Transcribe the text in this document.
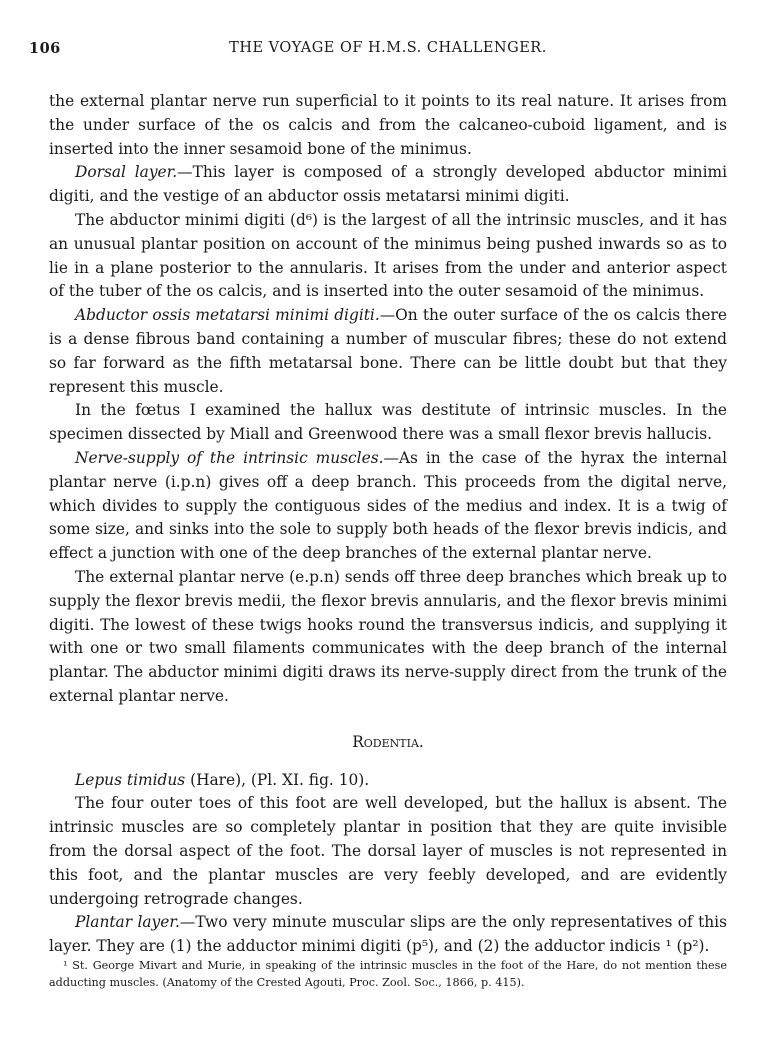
106	THE VOYAGE OF H.M.S. CHALLENGER.

the external plantar nerve run superficial to it points to its real nature. It arises from the under surface of the os calcis and from the calcaneo-cuboid ligament, and is inserted into the inner sesamoid bone of the minimus.

Dorsal layer.—This layer is composed of a strongly developed abductor minimi digiti, and the vestige of an abductor ossis metatarsi minimi digiti.

The abductor minimi digiti (d⁶) is the largest of all the intrinsic muscles, and it has an unusual plantar position on account of the minimus being pushed inwards so as to lie in a plane posterior to the annularis. It arises from the under and anterior aspect of the tuber of the os calcis, and is inserted into the outer sesamoid of the minimus.

Abductor ossis metatarsi minimi digiti.—On the outer surface of the os calcis there is a dense fibrous band containing a number of muscular fibres; these do not extend so far forward as the fifth metatarsal bone. There can be little doubt but that they represent this muscle.

In the fœtus I examined the hallux was destitute of intrinsic muscles. In the specimen dissected by Miall and Greenwood there was a small flexor brevis hallucis.

Nerve-supply of the intrinsic muscles.—As in the case of the hyrax the internal plantar nerve (i.p.n) gives off a deep branch. This proceeds from the digital nerve, which divides to supply the contiguous sides of the medius and index. It is a twig of some size, and sinks into the sole to supply both heads of the flexor brevis indicis, and effect a junction with one of the deep branches of the external plantar nerve.

The external plantar nerve (e.p.n) sends off three deep branches which break up to supply the flexor brevis medii, the flexor brevis annularis, and the flexor brevis minimi digiti. The lowest of these twigs hooks round the transversus indicis, and supplying it with one or two small filaments communicates with the deep branch of the internal plantar. The abductor minimi digiti draws its nerve-supply direct from the trunk of the external plantar nerve.

Rodentia.

Lepus timidus (Hare), (Pl. XI. fig. 10).

The four outer toes of this foot are well developed, but the hallux is absent. The intrinsic muscles are so completely plantar in position that they are quite invisible from the dorsal aspect of the foot. The dorsal layer of muscles is not represented in this foot, and the plantar muscles are very feebly developed, and are evidently undergoing retrograde changes.

Plantar layer.—Two very minute muscular slips are the only representatives of this layer. They are (1) the adductor minimi digiti (p⁵), and (2) the adductor indicis ¹ (p²).

¹ St. George Mivart and Murie, in speaking of the intrinsic muscles in the foot of the Hare, do not mention these adducting muscles. (Anatomy of the Crested Agouti, Proc. Zool. Soc., 1866, p. 415).
